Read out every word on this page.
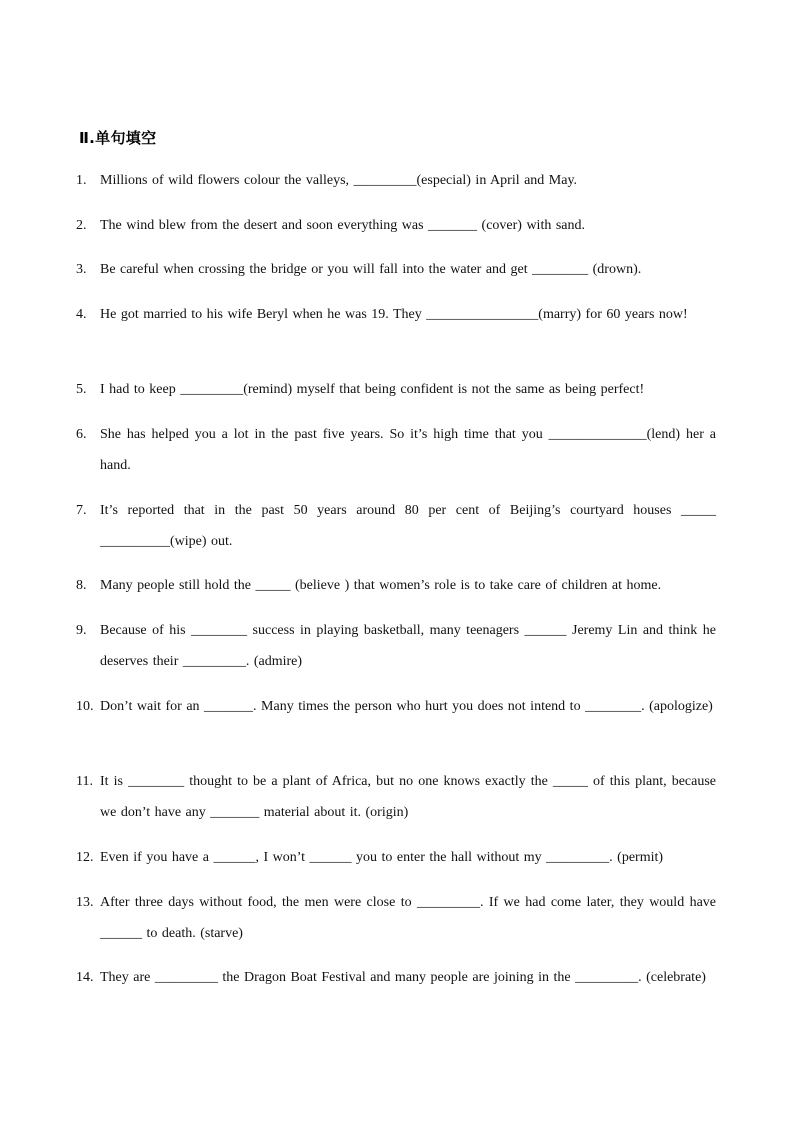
Ⅱ.单句填空
1. Millions of wild flowers colour the valleys, _________(especial) in April and May.
2. The wind blew from the desert and soon everything was _______ (cover) with sand.
3. Be careful when crossing the bridge or you will fall into the water and get ________ (drown).
4. He got married to his wife Beryl when he was 19. They ________________(marry) for 60 years now!
5. I had to keep _________(remind) myself that being confident is not the same as being perfect!
6. She has helped you a lot in the past five years. So it’s high time that you ______________(lend) her a hand.
7. It’s reported that in the past 50 years around 80 per cent of Beijing’s courtyard houses _____ __________(wipe) out.
8. Many people still hold the _____ (believe ) that women’s role is to take care of children at home.
9. Because of his ________ success in playing basketball, many teenagers ______ Jeremy Lin and think he deserves their _________. (admire)
10. Don’t wait for an _______. Many times the person who hurt you does not intend to ________. (apologize)
11. It is ________ thought to be a plant of Africa, but no one knows exactly the _____ of this plant, because we don’t have any _______ material about it. (origin)
12. Even if you have a ______, I won’t ______ you to enter the hall without my _________. (permit)
13. After three days without food, the men were close to _________. If we had come later, they would have ______ to death. (starve)
14. They are _________ the Dragon Boat Festival and many people are joining in the _________. (celebrate)
